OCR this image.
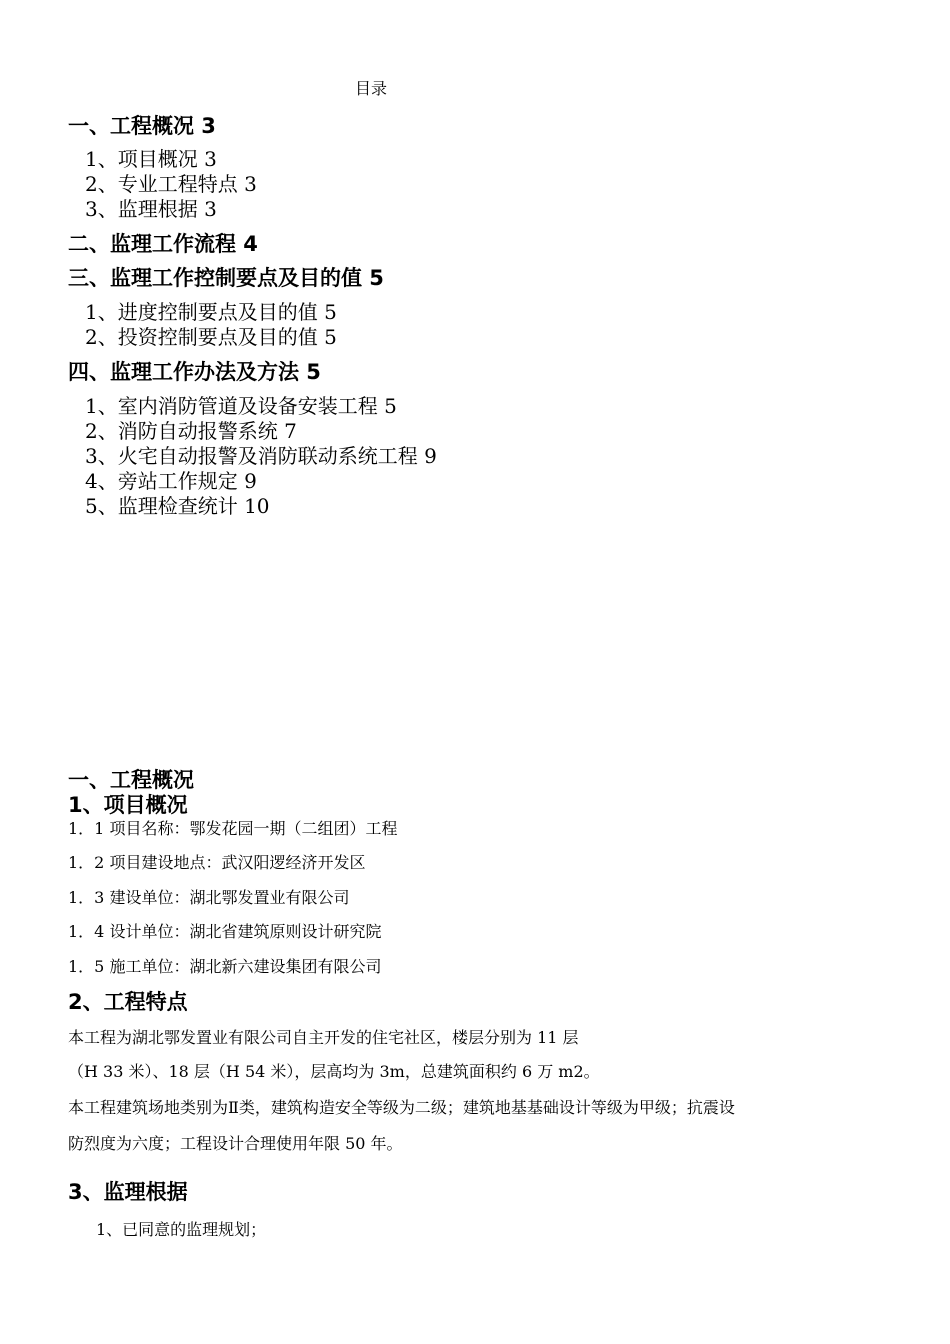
目录
一、工程概况 3
1、项目概况 3
2、专业工程特点 3
3、监理根据 3
二、监理工作流程 4
三、监理工作控制要点及目的值 5
1、进度控制要点及目的值 5
2、投资控制要点及目的值 5
四、监理工作办法及方法 5
1、室内消防管道及设备安装工程 5
2、消防自动报警系统 7
3、火宅自动报警及消防联动系统工程 9
4、旁站工作规定 9
5、监理检查统计 10
一、工程概况
1、项目概况
1．1 项目名称：鄂发花园一期（二组团）工程
1．2 项目建设地点：武汉阳逻经济开发区
1．3 建设单位：湖北鄂发置业有限公司
1．4 设计单位：湖北省建筑原则设计研究院
1．5 施工单位：湖北新六建设集团有限公司
2、工程特点
本工程为湖北鄂发置业有限公司自主开发的住宅社区，楼层分别为 11 层
（H 33 米）、18 层（H 54 米），层高均为 3m，总建筑面积约 6 万 m2。
本工程建筑场地类别为Ⅱ类，建筑构造安全等级为二级；建筑地基基础设计等级为甲级；抗震设
防烈度为六度；工程设计合理使用年限 50 年。
3、监理根据
1、已同意的监理规划；
